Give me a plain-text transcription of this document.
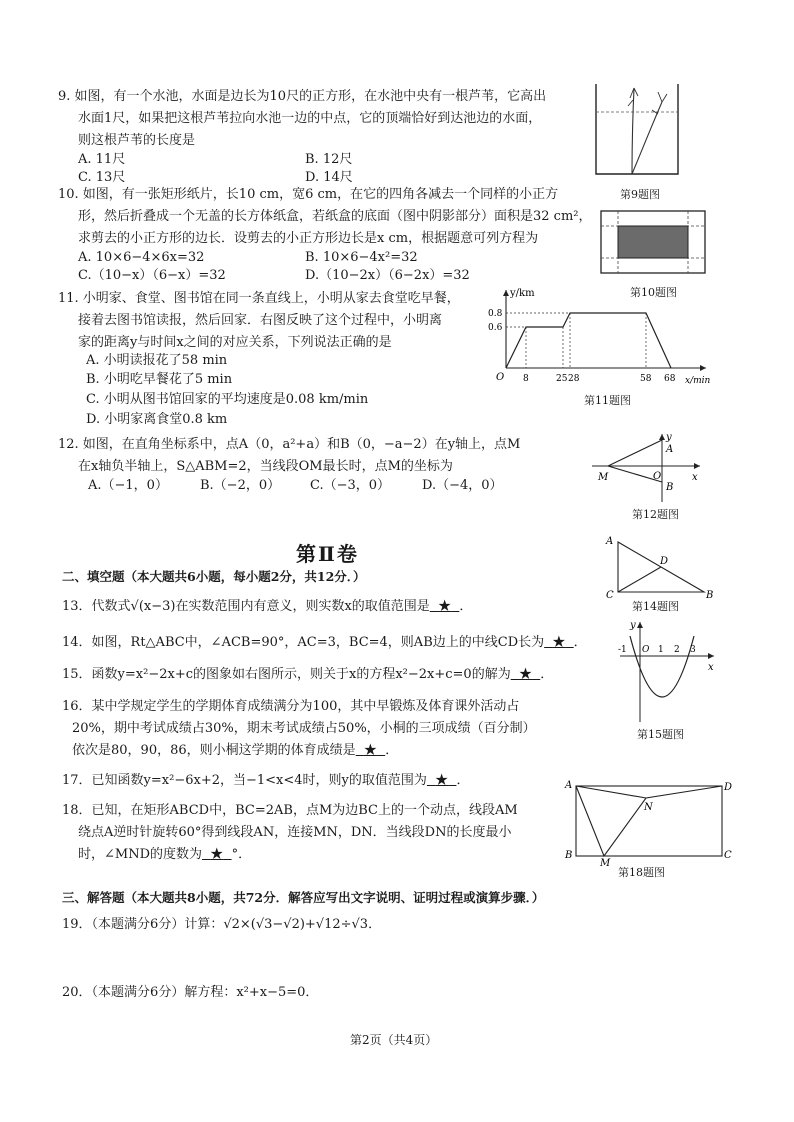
9. 如图，有一个水池，水面是边长为10尺的正方形，在水池中央有一根芦苇，它高出
水面1尺，如果把这根芦苇拉向水池一边的中点，它的顶端恰好到达池边的水面，
则这根芦苇的长度是
A. 11尺	B. 12尺
C. 13尺	D. 14尺
第9题图
10. 如图，有一张矩形纸片，长10 cm，宽6 cm，在它的四角各减去一个同样的小正方
形，然后折叠成一个无盖的长方体纸盒，若纸盒的底面（图中阴影部分）面积是32 cm²，
求剪去的小正方形的边长．设剪去的小正方形边长是x cm，根据题意可列方程为
A. 10×6−4×6x=32	B. 10×6−4x²=32
C.（10−x）（6−x）=32	D.（10−2x）（6−2x）=32
第10题图
11. 小明家、食堂、图书馆在同一条直线上，小明从家去食堂吃早餐，
接着去图书馆读报，然后回家．右图反映了这个过程中，小明离
家的距离y与时间x之间的对应关系，下列说法正确的是
A. 小明读报花了58 min
B. 小明吃早餐花了5 min
C. 小明从图书馆回家的平均速度是0.08 km/min
D. 小明家离食堂0.8 km
y/km
O
0.8
0.6
8	25 28	58 68 x/min
第11题图
12. 如图，在直角坐标系中，点A（0，a²+a）和B（0，−a−2）在y轴上，点M
在x轴负半轴上，S△ABM=2，当线段OM最长时，点M的坐标为
A.（−1，0） B.（−2，0） C.（−3，0） D.（−4，0）
y
x
A
B
O
M
第12题图
第Ⅱ卷
二、填空题（本大题共6小题，每小题2分，共12分．）
A
B
C
D
第14题图
13．代数式√(x−3)在实数范围内有意义，则实数x的取值范围是 ★ ．
14．如图，Rt△ABC中，∠ACB=90°，AC=3，BC=4，则AB边上的中线CD长为 ★ ．
y
x
-1 O 1 2 3
第15题图
15．函数y=x²−2x+c的图象如右图所示，则关于x的方程x²−2x+c=0的解为 ★ ．
16．某中学规定学生的学期体育成绩满分为100，其中早锻炼及体育课外活动占
20%，期中考试成绩占30%，期末考试成绩占50%，小桐的三项成绩（百分制）
依次是80，90，86，则小桐这学期的体育成绩是 ★ ．
17．已知函数y=x²−6x+2，当−1<x<4时，则y的取值范围为 ★ ．
18．已知，在矩形ABCD中，BC=2AB，点M为边BC上的一个动点，线段AM
绕点A逆时针旋转60°得到线段AN，连接MN，DN．当线段DN的长度最小
时，∠MND的度数为 ★ °．
A	D
B	C
M
N
第18题图
三、解答题（本大题共8小题，共72分．解答应写出文字说明、证明过程或演算步骤．）
19．（本题满分6分）计算：√2×(√3−√2)+√12÷√3．
20．（本题满分6分）解方程：x²+x−5=0．
第2页（共4页）
